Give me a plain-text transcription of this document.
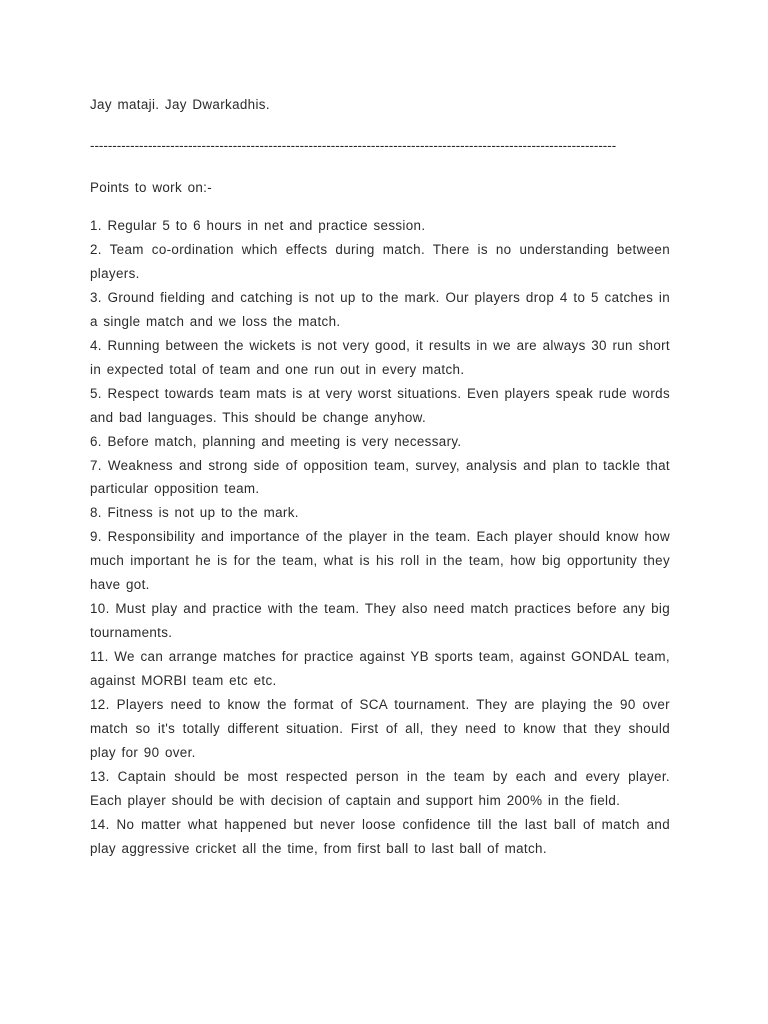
Jay mataji. Jay Dwarkadhis.
----------------------------------------------------------------------------------------------------------------------
Points to work on:-

1. Regular 5 to 6 hours in net and practice session.

2. Team co-ordination which effects during match. There is no understanding between players.

3. Ground fielding and catching is not up to the mark. Our players drop 4 to 5 catches in a single match and we loss the match.

4. Running between the wickets is not very good, it results in we are always 30 run short in expected total of team and one run out in every match.

5. Respect towards team mats is at very worst situations. Even players speak rude words and bad languages. This should be change anyhow.

6. Before match, planning and meeting is very necessary.

7. Weakness and strong side of opposition team, survey, analysis and plan to tackle that particular opposition team.

8. Fitness is not up to the mark.

9. Responsibility and importance of the player in the team. Each player should know how much important he is for the team, what is his roll in the team, how big opportunity they have got.

10. Must play and practice with the team. They also need match practices before any big tournaments.

11. We can arrange matches for practice against YB sports team, against GONDAL team, against MORBI team etc etc.

12. Players need to know the format of SCA tournament. They are playing the 90 over match so it's totally different situation. First of all, they need to know that they should play for 90 over.

13. Captain should be most respected person in the team by each and every player. Each player should be with decision of captain and support him 200% in the field.

14. No matter what happened but never loose confidence till the last ball of match and play aggressive cricket all the time, from first ball to last ball of match.
